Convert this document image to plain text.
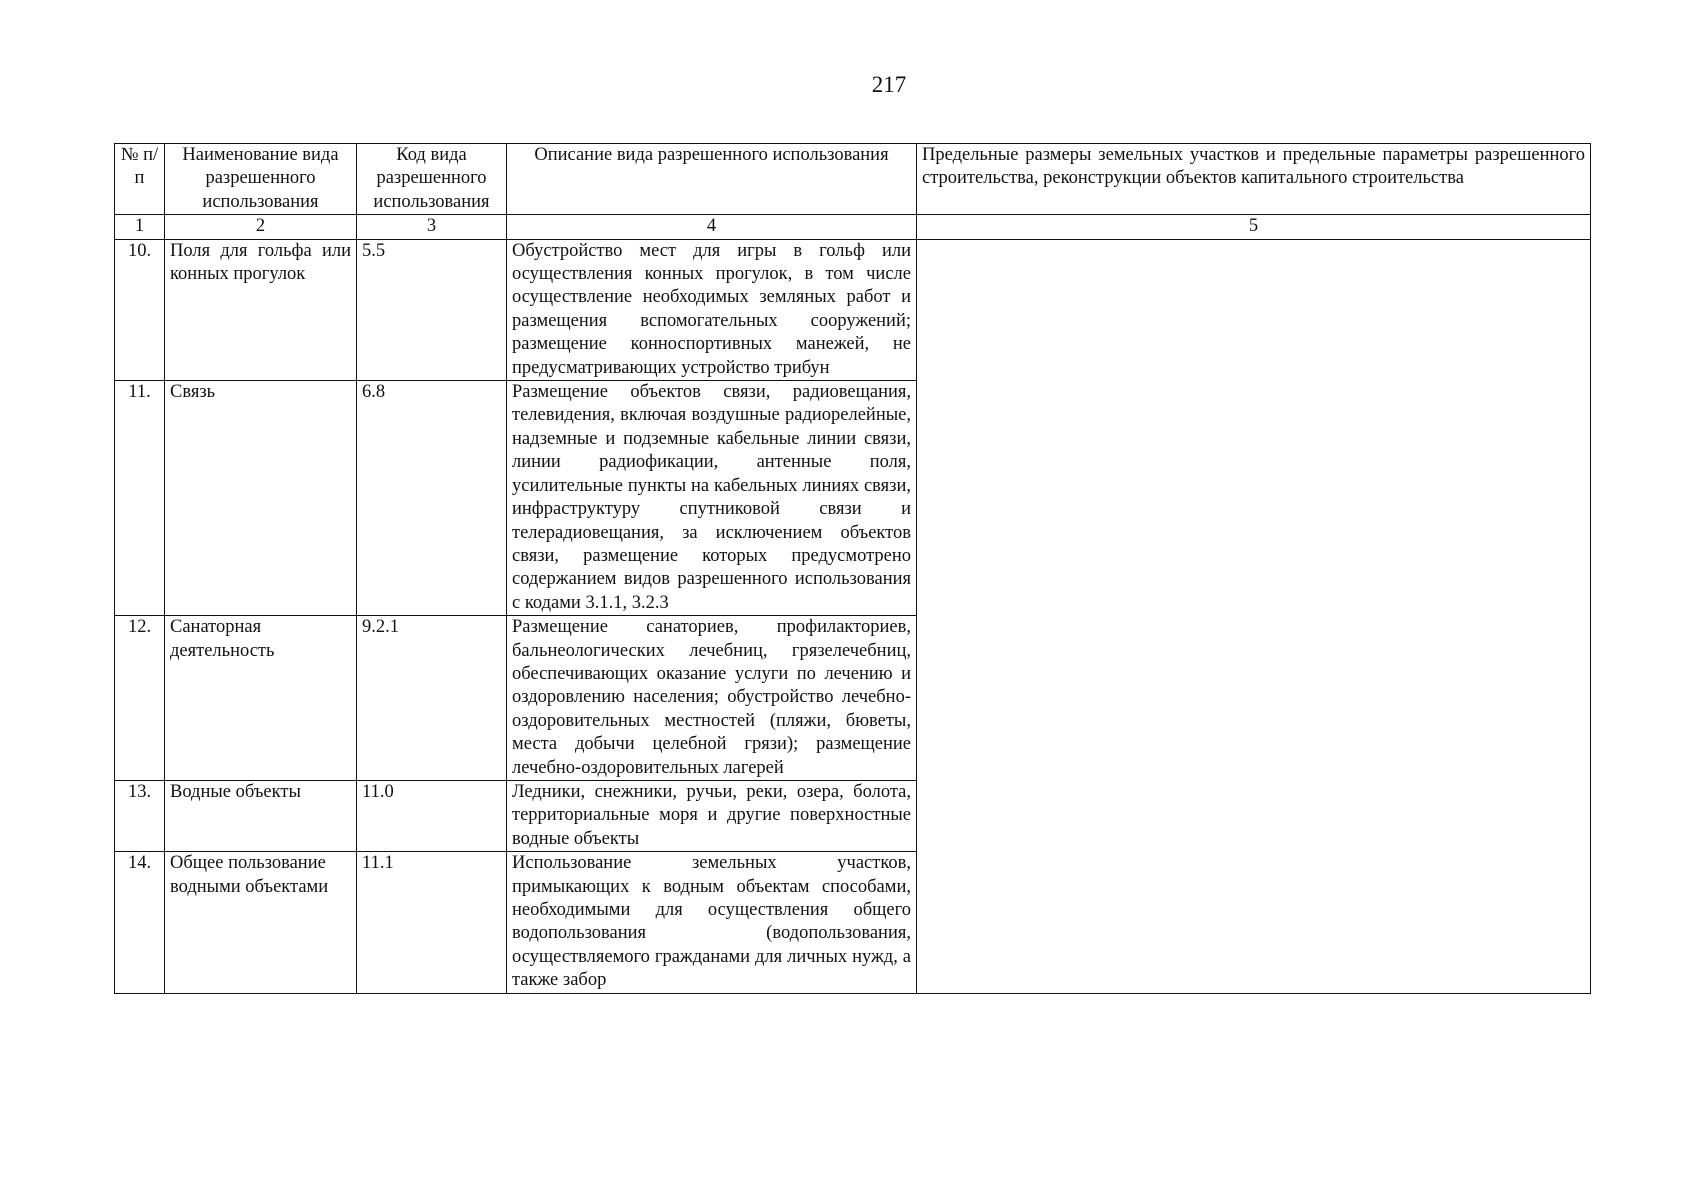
217
№ п/п	Наименование вида разрешенного использования	Код вида разрешенного использования	Описание вида разрешенного использования	Предельные размеры земельных участков и предельные параметры разрешенного строительства, реконструкции объектов капитального строительства
1	2	3	4	5
10.	Поля для гольфа или конных прогулок	5.5	Обустройство мест для игры в гольф или осуществления конных прогулок, в том числе осуществление необходимых земляных работ и размещения вспомогательных сооружений; размещение конноспортивных манежей, не предусматривающих устройство трибун	
11.	Связь	6.8	Размещение объектов связи, радиовещания, телевидения, включая воздушные радиорелейные, надземные и подземные кабельные линии связи, линии радиофикации, антенные поля, усилительные пункты на кабельных линиях связи, инфраструктуру спутниковой связи и телерадиовещания, за исключением объектов связи, размещение которых предусмотрено содержанием видов разрешенного использования с кодами 3.1.1, 3.2.3	
12.	Санаторная деятельность	9.2.1	Размещение санаториев, профилакториев, бальнеологических лечебниц, грязелечебниц, обеспечивающих оказание услуги по лечению и оздоровлению населения; обустройство лечебно-оздоровительных местностей (пляжи, бюветы, места добычи целебной грязи); размещение лечебно-оздоровительных лагерей	
13.	Водные объекты	11.0	Ледники, снежники, ручьи, реки, озера, болота, территориальные моря и другие поверхностные водные объекты	
14.	Общее пользование водными объектами	11.1	Использование земельных участков, примыкающих к водным объектам способами, необходимыми для осуществления общего водопользования (водопользования, осуществляемого гражданами для личных нужд, а также забор	
